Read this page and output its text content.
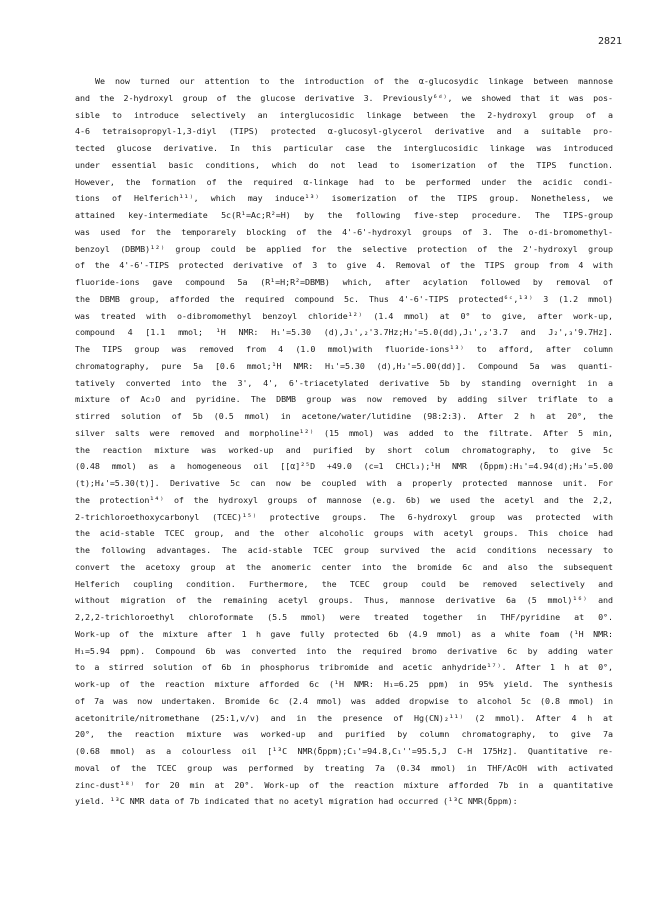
2821
We now turned our attention to the introduction of the α-glucosydic linkage between mannose
and the 2-hydroxyl group of the glucose derivative 3. Previously⁶ᵈ⁾, we showed that it was pos-
sible to introduce selectively an interglucosidic linkage between the 2-hydroxyl group of a
4-6 tetraisopropyl-1,3-diyl (TIPS) protected α-glucosyl-glycerol derivative and a suitable pro-
tected glucose derivative. In this particular case the interglucosidic linkage was introduced
under essential basic conditions, which do not lead to isomerization of the TIPS function.
However, the formation of the required α-linkage had to be performed under the acidic condi-
tions of Helferich¹¹⁾, which may induce¹³⁾ isomerization of the TIPS group. Nonetheless, we
attained key-intermediate 5c(R¹=Ac;R²=H) by the following five-step procedure. The TIPS-group
was used for the temporarely blocking of the 4'-6'-hydroxyl groups of 3. The o-di-bromomethyl-
benzoyl (DBMB)¹²⁾ group could be applied for the selective protection of the 2'-hydroxyl group
of the 4'-6'-TIPS protected derivative of 3 to give 4. Removal of the TIPS group from 4 with
fluoride-ions gave compound 5a (R¹=H;R²=DBMB) which, after acylation followed by removal of
the DBMB group, afforded the required compound 5c. Thus 4'-6'-TIPS protected⁶ᶜ,¹³⁾ 3 (1.2 mmol)
was treated with o-dibromomethyl benzoyl chloride¹²⁾ (1.4 mmol) at 0° to give, after work-up,
compound 4 [1.1 mmol; ¹H NMR: H₁'=5.30 (d),J₁',₂'3.7Hz;H₂'=5.0(dd),J₁',₂'3.7 and J₂',₃'9.7Hz].
The TIPS group was removed from 4 (1.0 mmol)with fluoride-ions¹³⁾ to afford, after column
chromatography, pure 5a [0.6 mmol;¹H NMR: H₁'=5.30 (d),H₂'=5.00(dd)]. Compound 5a was quanti-
tatively converted into the 3', 4', 6'-triacetylated derivative 5b by standing overnight in a
mixture of Ac₂O and pyridine. The DBMB group was now removed by adding silver triflate to a
stirred solution of 5b (0.5 mmol) in acetone/water/lutidine (98:2:3). After 2 h at 20°, the
silver salts were removed and morpholine¹²⁾ (15 mmol) was added to the filtrate. After 5 min,
the reaction mixture was worked-up and purified by short colum chromatography, to give 5c
(0.48 mmol) as a homogeneous oil [[α]²⁵D +49.0 (c=1 CHCl₃);¹H NMR (δppm):H₁'=4.94(d);H₃'=5.00
(t);H₄'=5.30(t)]. Derivative 5c can now be coupled with a properly protected mannose unit. For
the protection¹⁴⁾ of the hydroxyl groups of mannose (e.g. 6b) we used the acetyl and the 2,2,
2-trichloroethoxycarbonyl (TCEC)¹⁵⁾ protective groups. The 6-hydroxyl group was protected with
the acid-stable TCEC group, and the other alcoholic groups with acetyl groups. This choice had
the following advantages. The acid-stable TCEC group survived the acid conditions necessary to
convert the acetoxy group at the anomeric center into the bromide 6c and also the subsequent
Helferich coupling condition. Furthermore, the TCEC group could be removed selectively and
without migration of the remaining acetyl groups. Thus, mannose derivative 6a (5 mmol)¹⁶⁾ and
2,2,2-trichloroethyl chloroformate (5.5 mmol) were treated together in THF/pyridine at 0°.
Work-up of the mixture after 1 h gave fully protected 6b (4.9 mmol) as a white foam (¹H NMR:
H₁=5.94 ppm). Compound 6b was converted into the required bromo derivative 6c by adding water
to a stirred solution of 6b in phosphorus tribromide and acetic anhydride¹⁷⁾. After 1 h at 0°,
work-up of the reaction mixture afforded 6c (¹H NMR: H₁=6.25 ppm) in 95% yield. The synthesis
of 7a was now undertaken. Bromide 6c (2.4 mmol) was added dropwise to alcohol 5c (0.8 mmol) in
acetonitrile/nitromethane (25:1,v/v) and in the presence of Hg(CN)₂¹¹⁾ (2 mmol). After 4 h at
20°, the reaction mixture was worked-up and purified by column chromatography, to give 7a
(0.68 mmol) as a colourless oil [¹³C NMR(δppm);C₁'=94.8,C₁''=95.5,J C-H 175Hz]. Quantitative re-
moval of the TCEC group was performed by treating 7a (0.34 mmol) in THF/AcOH with activated
zinc-dust¹⁸⁾ for 20 min at 20°. Work-up of the reaction mixture afforded 7b in a quantitative
yield. ¹³C NMR data of 7b indicated that no acetyl migration had occurred (¹³C NMR(δppm):
